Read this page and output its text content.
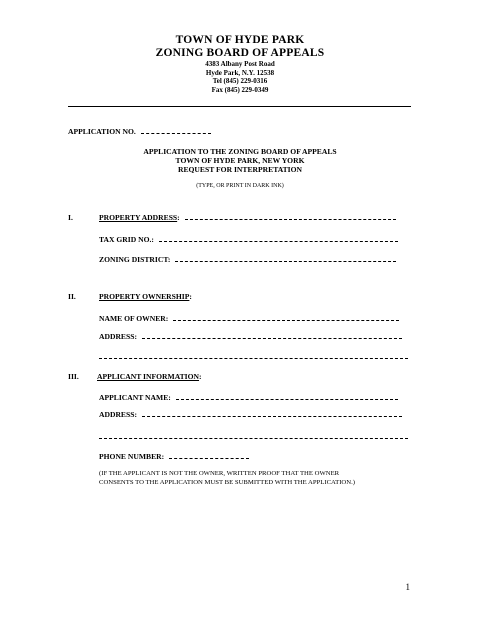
TOWN OF HYDE PARK
ZONING BOARD OF APPEALS
4383 Albany Post Road
Hyde Park, N.Y. 12538
Tel (845) 229-0316
Fax (845) 229-0349
APPLICATION NO.
APPLICATION TO THE ZONING BOARD OF APPEALS
TOWN OF HYDE PARK, NEW YORK
REQUEST FOR INTERPRETATION
(TYPE, OR PRINT IN DARK INK)
I.	PROPERTY ADDRESS:
TAX GRID NO.:
ZONING DISTRICT:
II.	PROPERTY OWNERSHIP:
NAME OF OWNER:
ADDRESS:
III. APPLICANT INFORMATION:
APPLICANT NAME:
ADDRESS:
PHONE NUMBER:
(IF THE APPLICANT IS NOT THE OWNER, WRITTEN PROOF THAT THE OWNER
CONSENTS TO THE APPLICATION MUST BE SUBMITTED WITH THE APPLICATION.)
1
